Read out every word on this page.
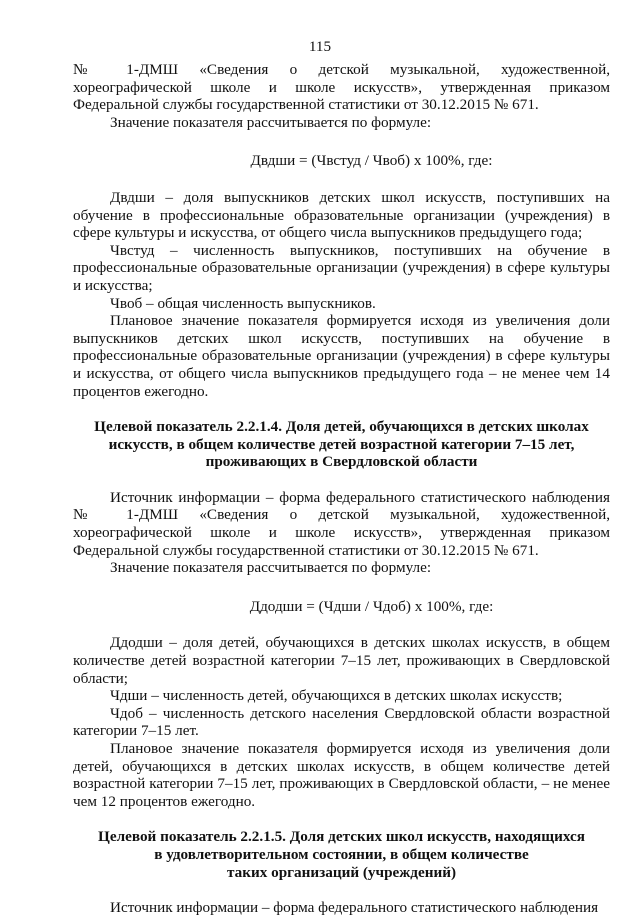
115

№ 1-ДМШ «Сведения о детской музыкальной, художественной, хореографической школе и школе искусств», утвержденная приказом Федеральной службы государственной статистики от 30.12.2015 № 671.

Значение показателя рассчитывается по формуле:

Двдши = (Чвстуд / Чвоб) х 100%, где:

Двдши – доля выпускников детских школ искусств, поступивших на обучение в профессиональные образовательные организации (учреждения) в сфере культуры и искусства, от общего числа выпускников предыдущего года;

Чвстуд – численность выпускников, поступивших на обучение в профессиональные образовательные организации (учреждения) в сфере культуры и искусства;

Чвоб – общая численность выпускников.

Плановое значение показателя формируется исходя из увеличения доли выпускников детских школ искусств, поступивших на обучение в профессиональные образовательные организации (учреждения) в сфере культуры и искусства, от общего числа выпускников предыдущего года – не менее чем 14 процентов ежегодно.

Целевой показатель 2.2.1.4. Доля детей, обучающихся в детских школах
искусств, в общем количестве детей возрастной категории 7–15 лет,
проживающих в Свердловской области

Источник информации – форма федерального статистического наблюдения № 1-ДМШ «Сведения о детской музыкальной, художественной, хореографической школе и школе искусств», утвержденная приказом Федеральной службы государственной статистики от 30.12.2015 № 671.

Значение показателя рассчитывается по формуле:

Ддодши = (Чдши / Чдоб) х 100%, где:

Ддодши – доля детей, обучающихся в детских школах искусств, в общем количестве детей возрастной категории 7–15 лет, проживающих в Свердловской области;

Чдши – численность детей, обучающихся в детских школах искусств;

Чдоб – численность детского населения Свердловской области возрастной категории 7–15 лет.

Плановое значение показателя формируется исходя из увеличения доли детей, обучающихся в детских школах искусств, в общем количестве детей возрастной категории 7–15 лет, проживающих в Свердловской области, – не менее чем 12 процентов ежегодно.

Целевой показатель 2.2.1.5. Доля детских школ искусств, находящихся
в удовлетворительном состоянии, в общем количестве
таких организаций (учреждений)

Источник информации – форма федерального статистического наблюдения
